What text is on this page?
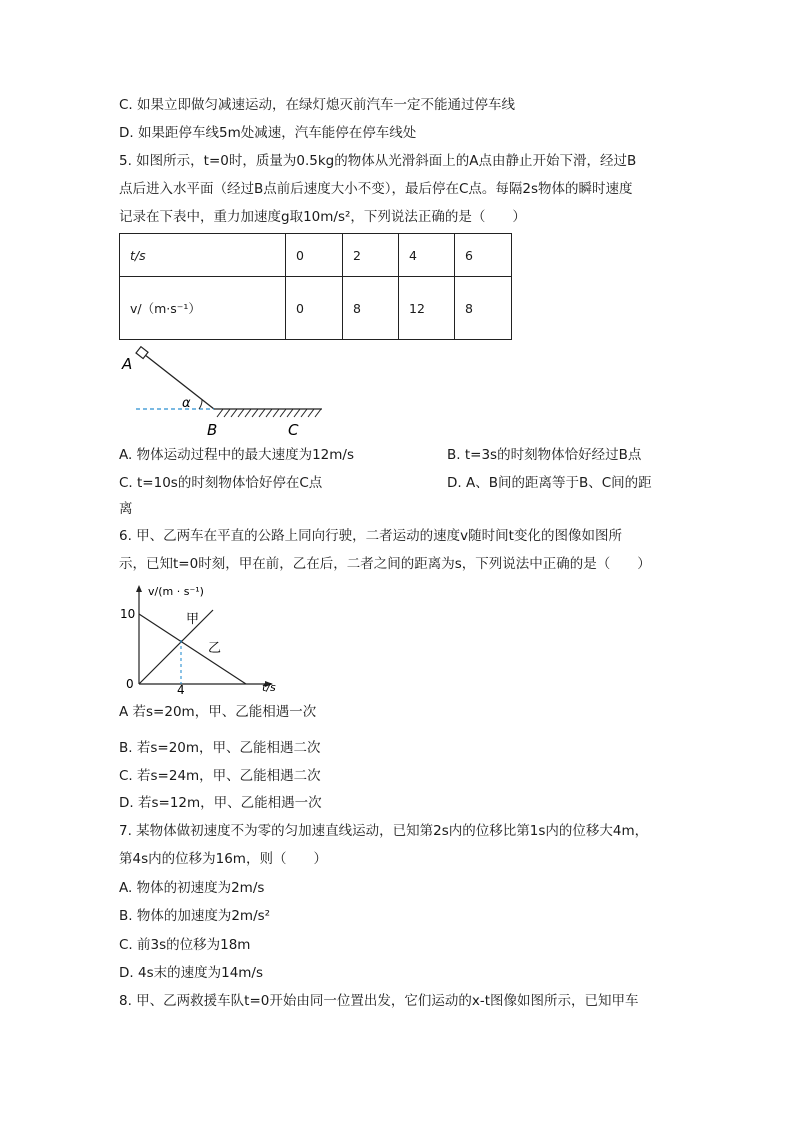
C. 如果立即做匀减速运动，在绿灯熄灭前汽车一定不能通过停车线
D. 如果距停车线5m处减速，汽车能停在停车线处
5. 如图所示，t=0时，质量为0.5kg的物体从光滑斜面上的A点由静止开始下滑，经过B
点后进入水平面（经过B点前后速度大小不变），最后停在C点。每隔2s物体的瞬时速度
记录在下表中，重力加速度g取10m/s²，下列说法正确的是（　　）
t/s	0	2	4	6
v/（m·s⁻¹）	0	8	12	8
A
α
B	C
A. 物体运动过程中的最大速度为12m/s	B. t=3s的时刻物体恰好经过B点
C. t=10s的时刻物体恰好停在C点	D. A、B间的距离等于B、C间的距
离
6. 甲、乙两车在平直的公路上同向行驶，二者运动的速度v随时间t变化的图像如图所
示，已知t=0时刻，甲在前，乙在后，二者之间的距离为s，下列说法中正确的是（　　）
v/(m · s⁻¹)
t/s
10
0	4
甲
乙
A 若s=20m，甲、乙能相遇一次
B. 若s=20m，甲、乙能相遇二次
C. 若s=24m，甲、乙能相遇二次
D. 若s=12m，甲、乙能相遇一次
7. 某物体做初速度不为零的匀加速直线运动，已知第2s内的位移比第1s内的位移大4m，
第4s内的位移为16m，则（　　）
A. 物体的初速度为2m/s
B. 物体的加速度为2m/s²
C. 前3s的位移为18m
D. 4s末的速度为14m/s
8. 甲、乙两救援车队t=0开始由同一位置出发，它们运动的x-t图像如图所示，已知甲车
